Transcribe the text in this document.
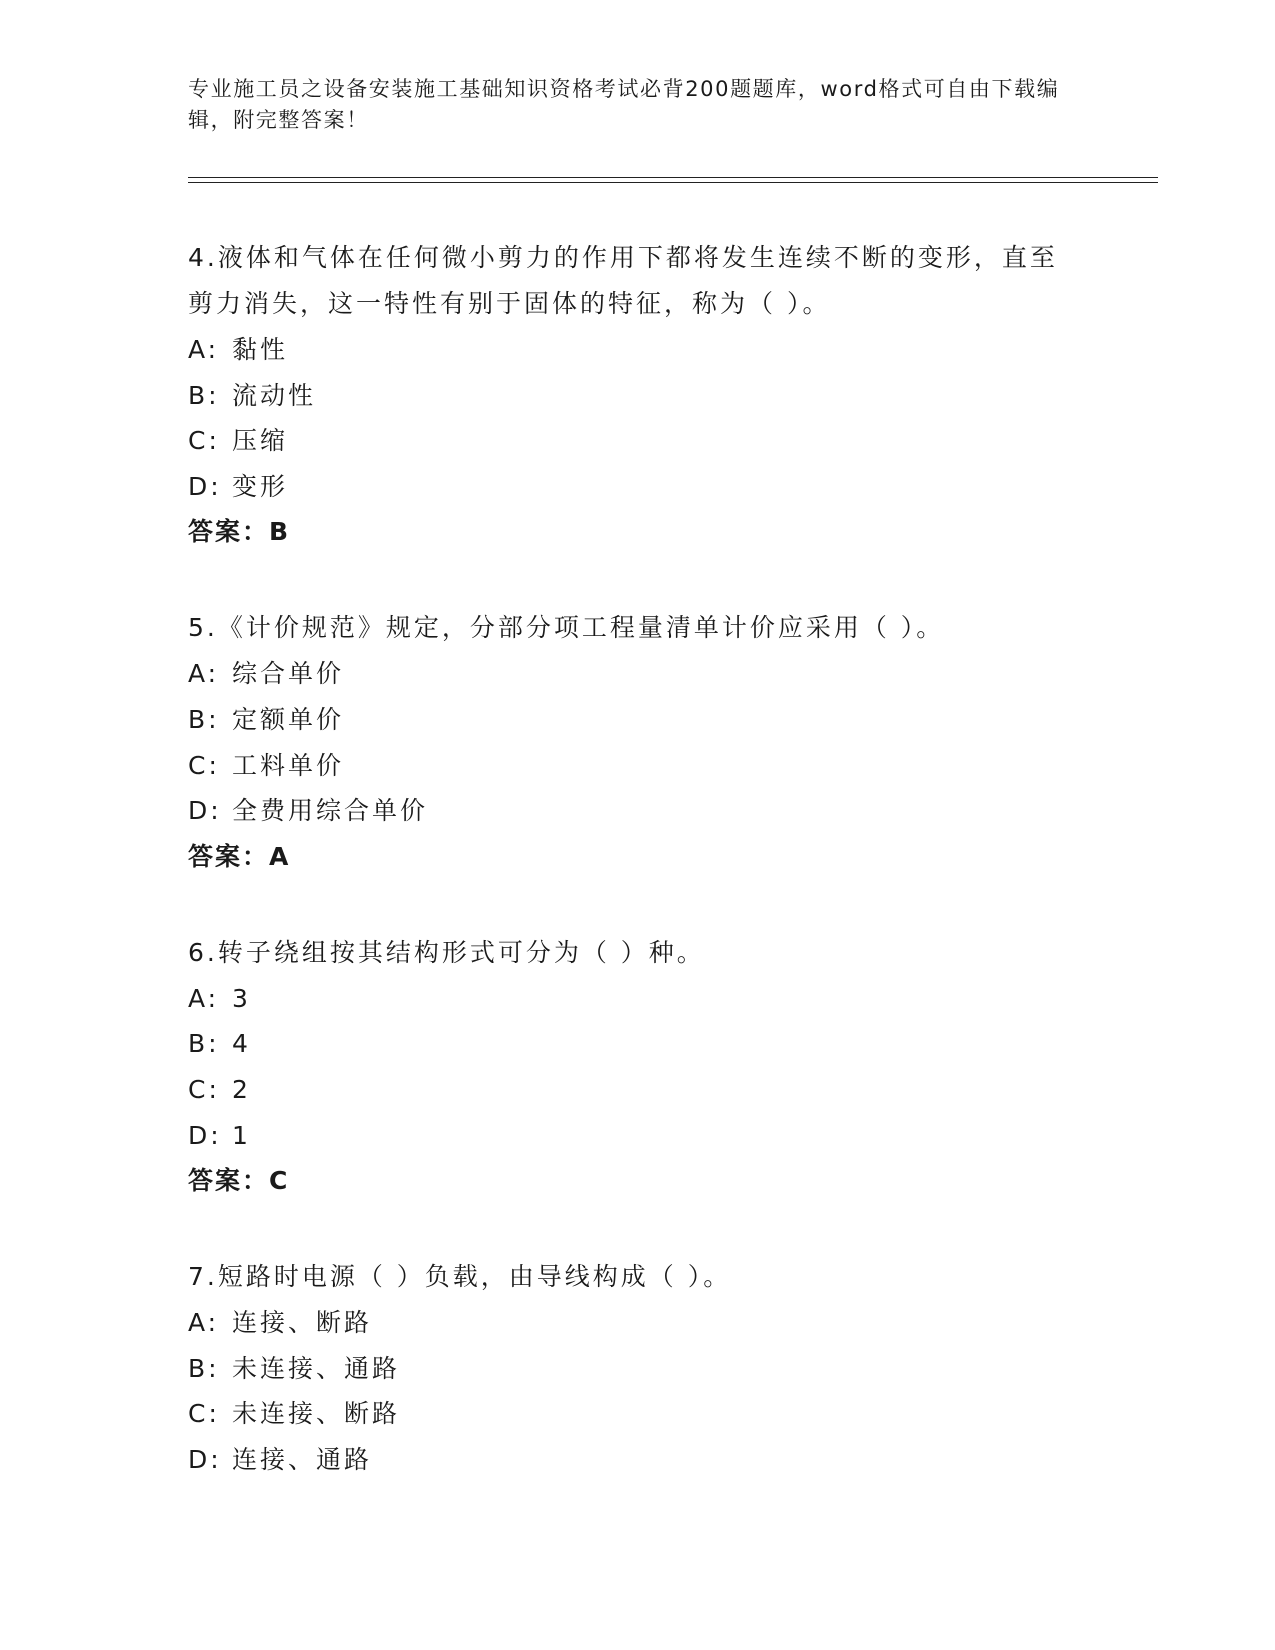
专业施工员之设备安装施工基础知识资格考试必背200题题库，word格式可自由下载编辑，附完整答案！
4.液体和气体在任何微小剪力的作用下都将发生连续不断的变形，直至剪力消失，这一特性有别于固体的特征，称为（ ）。
A: 黏性
B: 流动性
C: 压缩
D: 变形
答案：B
5.《计价规范》规定，分部分项工程量清单计价应采用（ ）。
A: 综合单价
B: 定额单价
C: 工料单价
D: 全费用综合单价
答案：A
6.转子绕组按其结构形式可分为（ ）种。
A: 3
B: 4
C: 2
D: 1
答案：C
7.短路时电源（ ）负载，由导线构成（ ）。
A: 连接、断路
B: 未连接、通路
C: 未连接、断路
D: 连接、通路
